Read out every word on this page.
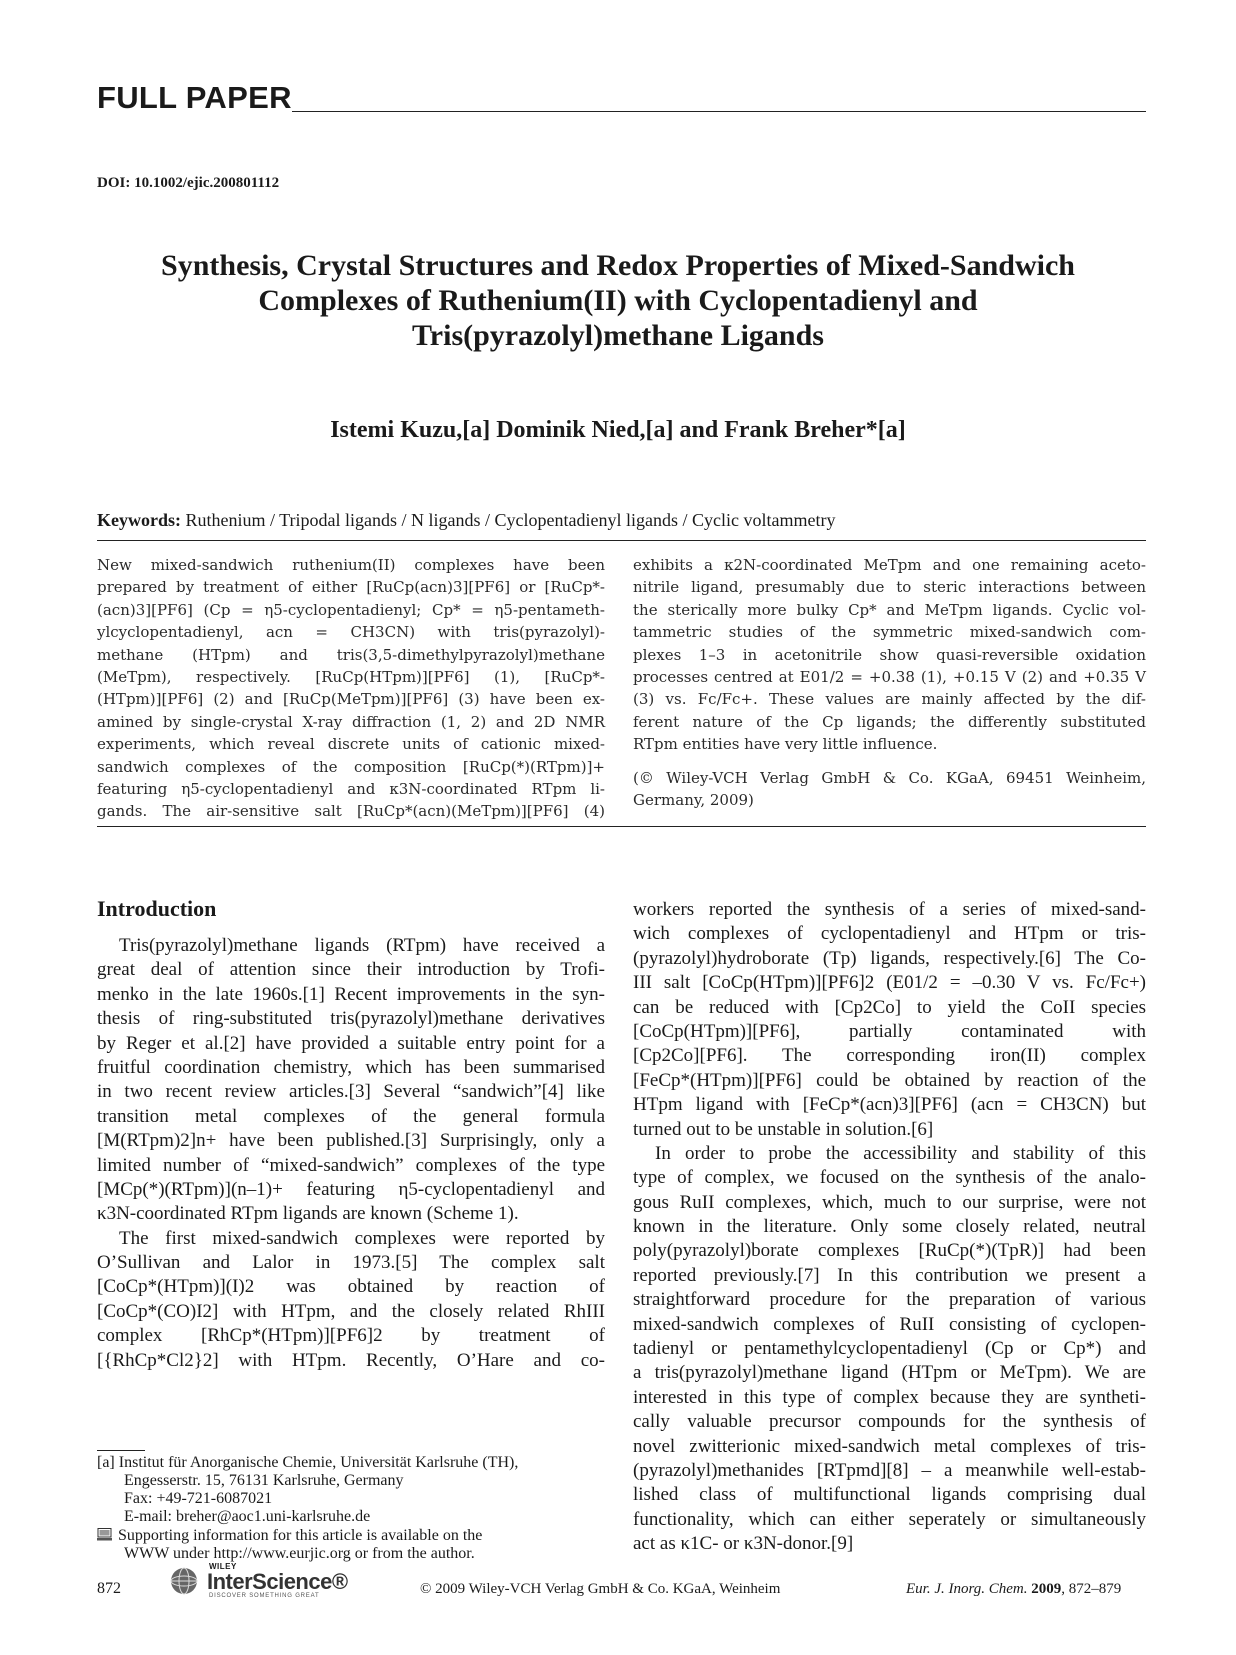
FULL PAPER
DOI: 10.1002/ejic.200801112
Synthesis, Crystal Structures and Redox Properties of Mixed-Sandwich
Complexes of Ruthenium(II) with Cyclopentadienyl and
Tris(pyrazolyl)methane Ligands
Istemi Kuzu,[a] Dominik Nied,[a] and Frank Breher*[a]
Keywords: Ruthenium / Tripodal ligands / N ligands / Cyclopentadienyl ligands / Cyclic voltammetry
New mixed-sandwich ruthenium(II) complexes have been
prepared by treatment of either [RuCp(acn)3][PF6] or [RuCp*-
(acn)3][PF6] (Cp = η5-cyclopentadienyl; Cp* = η5-pentameth-
ylcyclopentadienyl, acn = CH3CN) with tris(pyrazolyl)-
methane (HTpm) and tris(3,5-dimethylpyrazolyl)methane
(MeTpm), respectively. [RuCp(HTpm)][PF6] (1), [RuCp*-
(HTpm)][PF6] (2) and [RuCp(MeTpm)][PF6] (3) have been ex-
amined by single-crystal X-ray diffraction (1, 2) and 2D NMR
experiments, which reveal discrete units of cationic mixed-
sandwich complexes of the composition [RuCp(*)(RTpm)]+
featuring η5-cyclopentadienyl and κ3N-coordinated RTpm li-
gands. The air-sensitive salt [RuCp*(acn)(MeTpm)][PF6] (4)
exhibits a κ2N-coordinated MeTpm and one remaining aceto-
nitrile ligand, presumably due to steric interactions between
the sterically more bulky Cp* and MeTpm ligands. Cyclic vol-
tammetric studies of the symmetric mixed-sandwich com-
plexes 1–3 in acetonitrile show quasi-reversible oxidation
processes centred at E01/2 = +0.38 (1), +0.15 V (2) and +0.35 V
(3) vs. Fc/Fc+. These values are mainly affected by the dif-
ferent nature of the Cp ligands; the differently substituted
RTpm entities have very little influence.
(© Wiley-VCH Verlag GmbH & Co. KGaA, 69451 Weinheim,
Germany, 2009)
Introduction
Tris(pyrazolyl)methane ligands (RTpm) have received a
great deal of attention since their introduction by Trofi-
menko in the late 1960s.[1] Recent improvements in the syn-
thesis of ring-substituted tris(pyrazolyl)methane derivatives
by Reger et al.[2] have provided a suitable entry point for a
fruitful coordination chemistry, which has been summarised
in two recent review articles.[3] Several “sandwich”[4] like
transition metal complexes of the general formula
[M(RTpm)2]n+ have been published.[3] Surprisingly, only a
limited number of “mixed-sandwich” complexes of the type
[MCp(*)(RTpm)](n–1)+ featuring η5-cyclopentadienyl and
κ3N-coordinated RTpm ligands are known (Scheme 1).
The first mixed-sandwich complexes were reported by
O’Sullivan and Lalor in 1973.[5] The complex salt
[CoCp*(HTpm)](I)2 was obtained by reaction of
[CoCp*(CO)I2] with HTpm, and the closely related RhIII
complex [RhCp*(HTpm)][PF6]2 by treatment of
[{RhCp*Cl2}2] with HTpm. Recently, O’Hare and co-
workers reported the synthesis of a series of mixed-sand-
wich complexes of cyclopentadienyl and HTpm or tris-
(pyrazolyl)hydroborate (Tp) ligands, respectively.[6] The Co-
III salt [CoCp(HTpm)][PF6]2 (E01/2 = –0.30 V vs. Fc/Fc+)
can be reduced with [Cp2Co] to yield the CoII species
[CoCp(HTpm)][PF6], partially contaminated with
[Cp2Co][PF6]. The corresponding iron(II) complex
[FeCp*(HTpm)][PF6] could be obtained by reaction of the
HTpm ligand with [FeCp*(acn)3][PF6] (acn = CH3CN) but
turned out to be unstable in solution.[6]
In order to probe the accessibility and stability of this
type of complex, we focused on the synthesis of the analo-
gous RuII complexes, which, much to our surprise, were not
known in the literature. Only some closely related, neutral
poly(pyrazolyl)borate complexes [RuCp(*)(TpR)] had been
reported previously.[7] In this contribution we present a
straightforward procedure for the preparation of various
mixed-sandwich complexes of RuII consisting of cyclopen-
tadienyl or pentamethylcyclopentadienyl (Cp or Cp*) and
a tris(pyrazolyl)methane ligand (HTpm or MeTpm). We are
interested in this type of complex because they are syntheti-
cally valuable precursor compounds for the synthesis of
novel zwitterionic mixed-sandwich metal complexes of tris-
(pyrazolyl)methanides [RTpmd][8] – a meanwhile well-estab-
lished class of multifunctional ligands comprising dual
functionality, which can either seperately or simultaneously
act as κ1C- or κ3N-donor.[9]
[a] Institut für Anorganische Chemie, Universität Karlsruhe (TH),
Engesserstr. 15, 76131 Karlsruhe, Germany
Fax: +49-721-6087021
E-mail: breher@aoc1.uni-karlsruhe.de
Supporting information for this article is available on the
WWW under http://www.eurjic.org or from the author.
872
WILEY
InterScience®
DISCOVER SOMETHING GREAT	© 2009 Wiley-VCH Verlag GmbH & Co. KGaA, Weinheim	Eur. J. Inorg. Chem. 2009, 872–879
